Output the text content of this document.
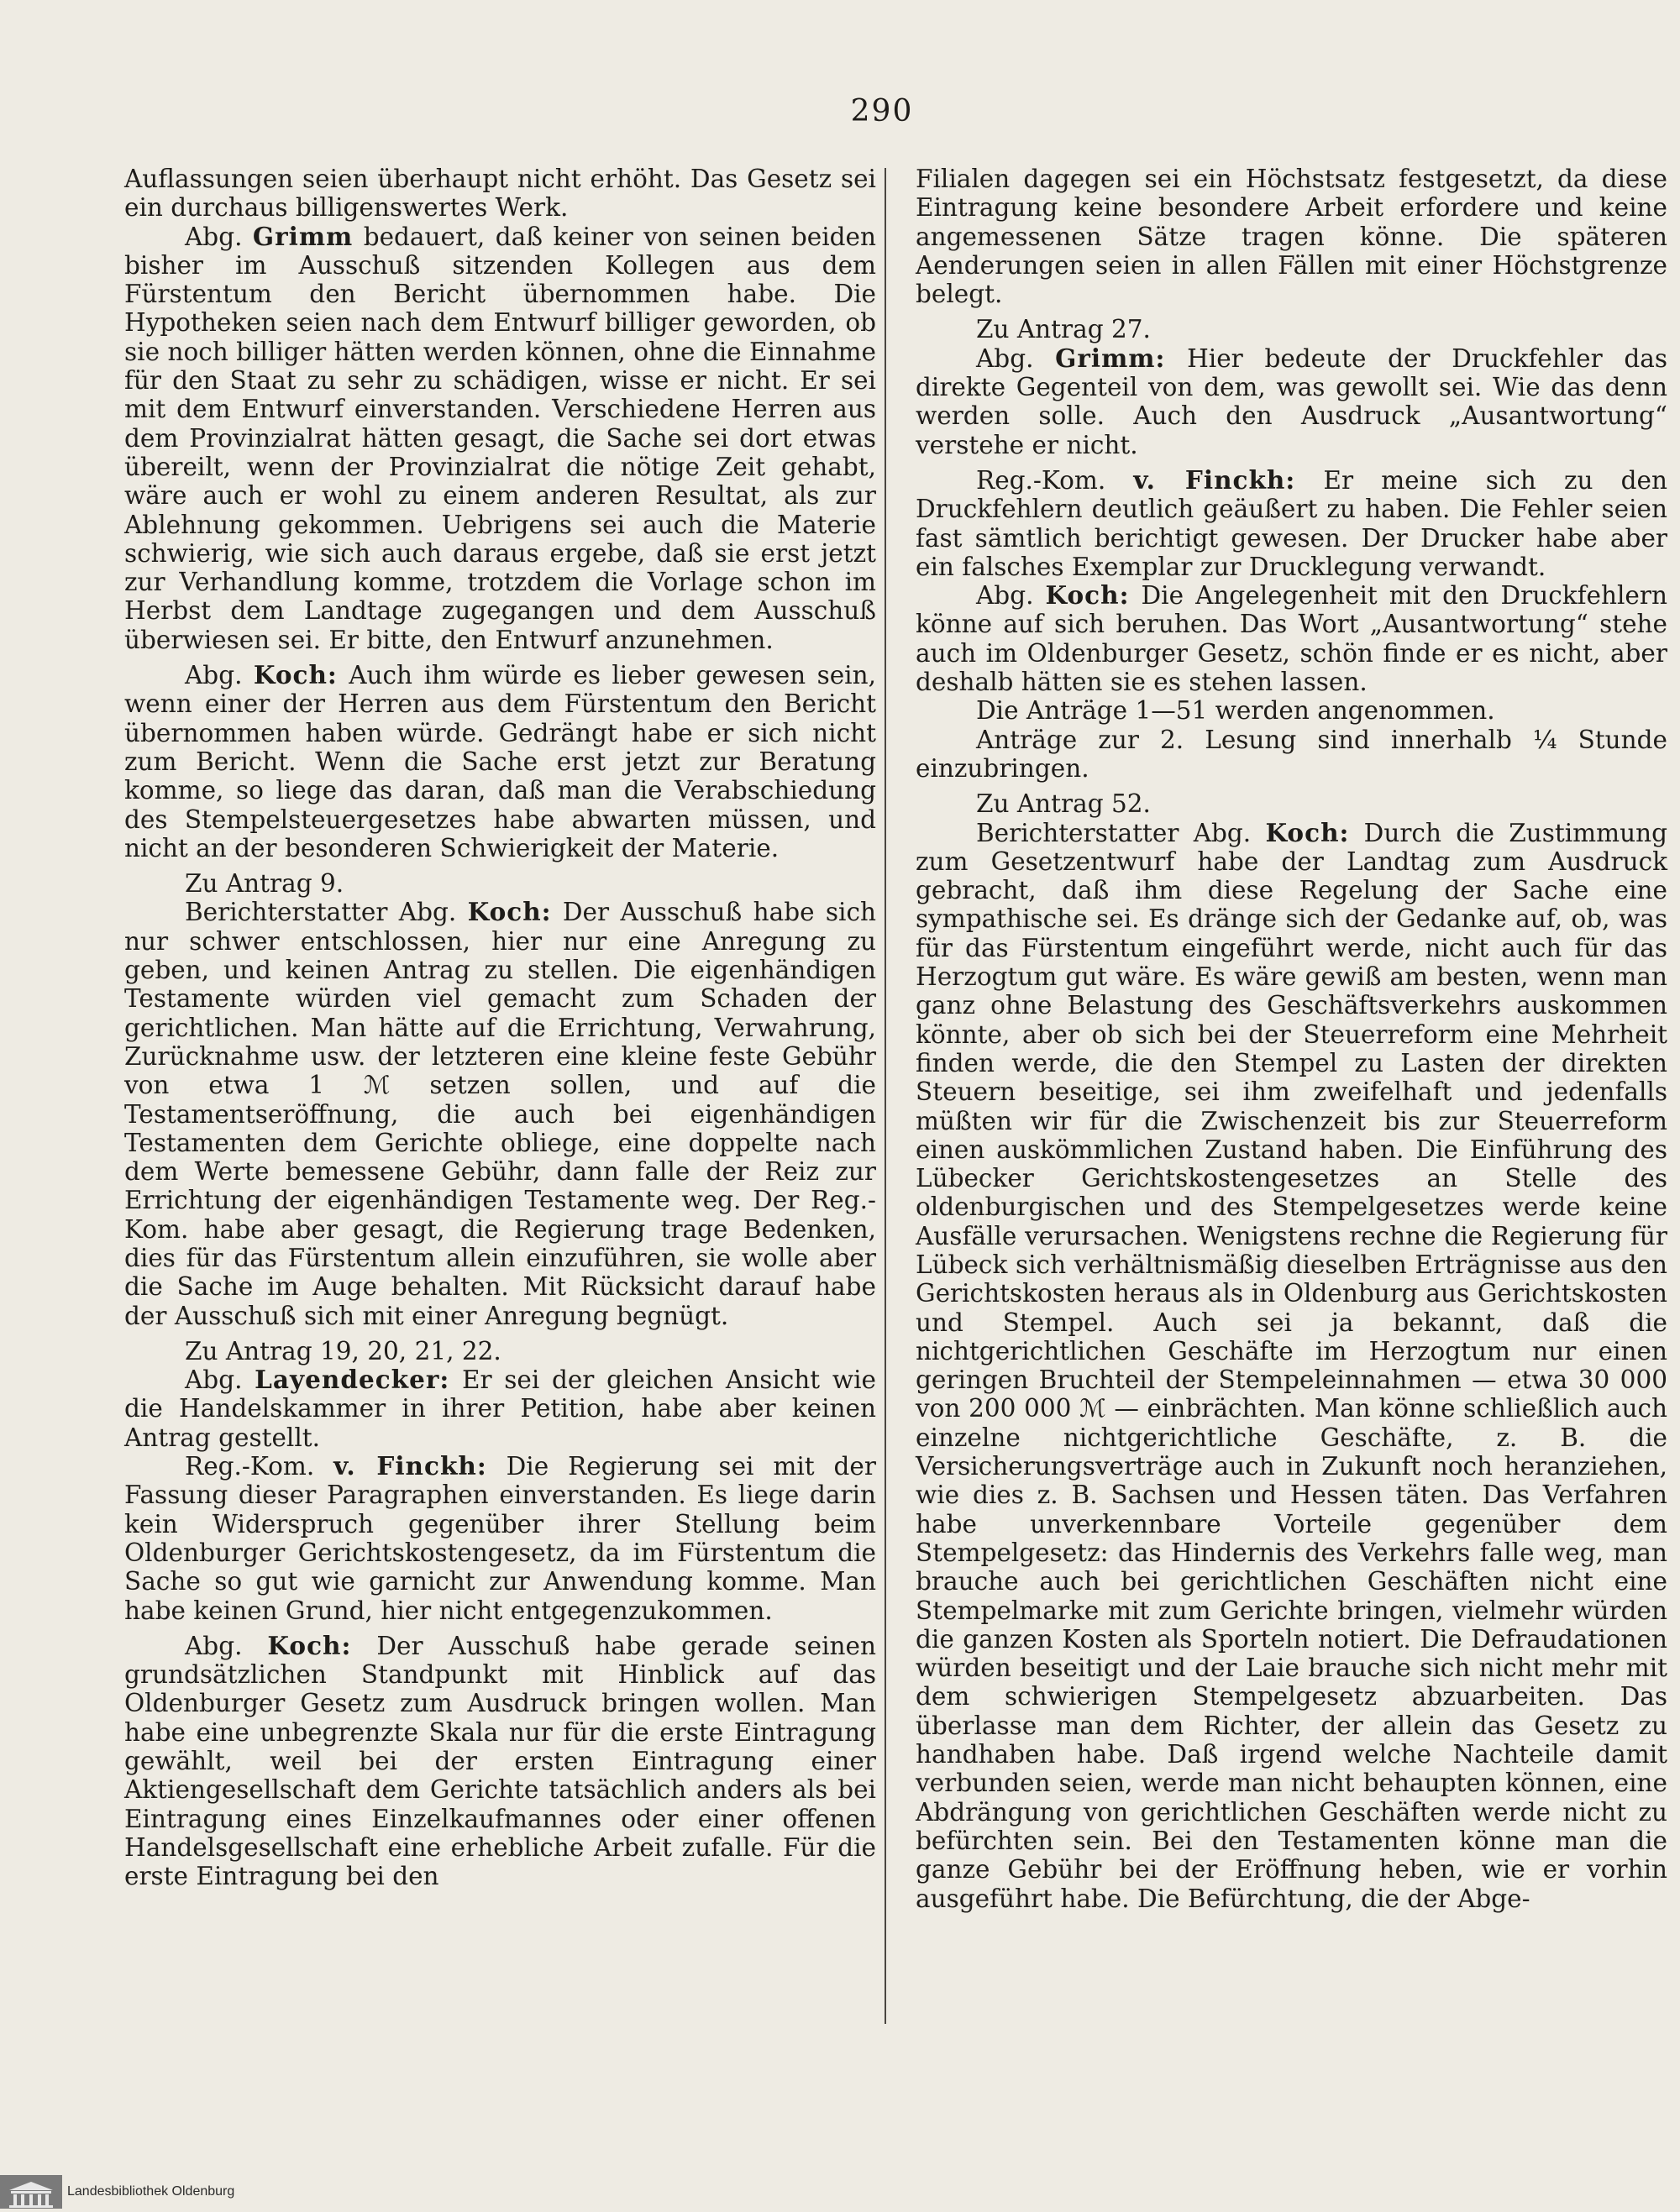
290

Auflassungen seien überhaupt nicht erhöht. Das Gesetz sei ein durchaus billigenswertes Werk.

Abg. Grimm bedauert, daß keiner von seinen beiden bisher im Ausschuß sitzenden Kollegen aus dem Fürstentum den Bericht übernommen habe. Die Hypotheken seien nach dem Entwurf billiger geworden, ob sie noch billiger hätten werden können, ohne die Einnahme für den Staat zu sehr zu schädigen, wisse er nicht. Er sei mit dem Entwurf einverstanden. Verschiedene Herren aus dem Provinzialrat hätten gesagt, die Sache sei dort etwas übereilt, wenn der Provinzialrat die nötige Zeit gehabt, wäre auch er wohl zu einem anderen Resultat, als zur Ablehnung gekommen. Uebrigens sei auch die Materie schwierig, wie sich auch daraus ergebe, daß sie erst jetzt zur Verhandlung komme, trotzdem die Vorlage schon im Herbst dem Landtage zugegangen und dem Ausschuß überwiesen sei. Er bitte, den Entwurf anzunehmen.

Abg. Koch: Auch ihm würde es lieber gewesen sein, wenn einer der Herren aus dem Fürstentum den Bericht übernommen haben würde. Gedrängt habe er sich nicht zum Bericht. Wenn die Sache erst jetzt zur Beratung komme, so liege das daran, daß man die Verabschiedung des Stempelsteuergesetzes habe abwarten müssen, und nicht an der besonderen Schwierigkeit der Materie.

Zu Antrag 9.

Berichterstatter Abg. Koch: Der Ausschuß habe sich nur schwer entschlossen, hier nur eine Anregung zu geben, und keinen Antrag zu stellen. Die eigenhändigen Testamente würden viel gemacht zum Schaden der gerichtlichen. Man hätte auf die Errichtung, Verwahrung, Zurücknahme usw. der letzteren eine kleine feste Gebühr von etwa 1 ℳ setzen sollen, und auf die Testamentseröffnung, die auch bei eigenhändigen Testamenten dem Gerichte obliege, eine doppelte nach dem Werte bemessene Gebühr, dann falle der Reiz zur Errichtung der eigenhändigen Testamente weg. Der Reg.-Kom. habe aber gesagt, die Regierung trage Bedenken, dies für das Fürstentum allein einzuführen, sie wolle aber die Sache im Auge behalten. Mit Rücksicht darauf habe der Ausschuß sich mit einer Anregung begnügt.

Zu Antrag 19, 20, 21, 22.

Abg. Layendecker: Er sei der gleichen Ansicht wie die Handelskammer in ihrer Petition, habe aber keinen Antrag gestellt.

Reg.-Kom. v. Finckh: Die Regierung sei mit der Fassung dieser Paragraphen einverstanden. Es liege darin kein Widerspruch gegenüber ihrer Stellung beim Oldenburger Gerichtskostengesetz, da im Fürstentum die Sache so gut wie garnicht zur Anwendung komme. Man habe keinen Grund, hier nicht entgegenzukommen.

Abg. Koch: Der Ausschuß habe gerade seinen grundsätzlichen Standpunkt mit Hinblick auf das Oldenburger Gesetz zum Ausdruck bringen wollen. Man habe eine unbegrenzte Skala nur für die erste Eintragung gewählt, weil bei der ersten Eintragung einer Aktiengesellschaft dem Gerichte tatsächlich anders als bei Eintragung eines Einzelkaufmannes oder einer offenen Handelsgesellschaft eine erhebliche Arbeit zufalle. Für die erste Eintragung bei den

Filialen dagegen sei ein Höchstsatz festgesetzt, da diese Eintragung keine besondere Arbeit erfordere und keine angemessenen Sätze tragen könne. Die späteren Aenderungen seien in allen Fällen mit einer Höchstgrenze belegt.

Zu Antrag 27.

Abg. Grimm: Hier bedeute der Druckfehler das direkte Gegenteil von dem, was gewollt sei. Wie das denn werden solle. Auch den Ausdruck „Ausantwortung“ verstehe er nicht.

Reg.-Kom. v. Finckh: Er meine sich zu den Druckfehlern deutlich geäußert zu haben. Die Fehler seien fast sämtlich berichtigt gewesen. Der Drucker habe aber ein falsches Exemplar zur Drucklegung verwandt.

Abg. Koch: Die Angelegenheit mit den Druckfehlern könne auf sich beruhen. Das Wort „Ausantwortung“ stehe auch im Oldenburger Gesetz, schön finde er es nicht, aber deshalb hätten sie es stehen lassen.

Die Anträge 1—51 werden angenommen.

Anträge zur 2. Lesung sind innerhalb ¼ Stunde einzubringen.

Zu Antrag 52.

Berichterstatter Abg. Koch: Durch die Zustimmung zum Gesetzentwurf habe der Landtag zum Ausdruck gebracht, daß ihm diese Regelung der Sache eine sympathische sei. Es dränge sich der Gedanke auf, ob, was für das Fürstentum eingeführt werde, nicht auch für das Herzogtum gut wäre. Es wäre gewiß am besten, wenn man ganz ohne Belastung des Geschäftsverkehrs auskommen könnte, aber ob sich bei der Steuerreform eine Mehrheit finden werde, die den Stempel zu Lasten der direkten Steuern beseitige, sei ihm zweifelhaft und jedenfalls müßten wir für die Zwischenzeit bis zur Steuerreform einen auskömmlichen Zustand haben. Die Einführung des Lübecker Gerichtskostengesetzes an Stelle des oldenburgischen und des Stempelgesetzes werde keine Ausfälle verursachen. Wenigstens rechne die Regierung für Lübeck sich verhältnismäßig dieselben Erträgnisse aus den Gerichtskosten heraus als in Oldenburg aus Gerichtskosten und Stempel. Auch sei ja bekannt, daß die nichtgerichtlichen Geschäfte im Herzogtum nur einen geringen Bruchteil der Stempeleinnahmen — etwa 30 000 von 200 000 ℳ — einbrächten. Man könne schließlich auch einzelne nichtgerichtliche Geschäfte, z. B. die Versicherungsverträge auch in Zukunft noch heranziehen, wie dies z. B. Sachsen und Hessen täten. Das Verfahren habe unverkennbare Vorteile gegenüber dem Stempelgesetz: das Hindernis des Verkehrs falle weg, man brauche auch bei gerichtlichen Geschäften nicht eine Stempelmarke mit zum Gerichte bringen, vielmehr würden die ganzen Kosten als Sporteln notiert. Die Defraudationen würden beseitigt und der Laie brauche sich nicht mehr mit dem schwierigen Stempelgesetz abzuarbeiten. Das überlasse man dem Richter, der allein das Gesetz zu handhaben habe. Daß irgend welche Nachteile damit verbunden seien, werde man nicht behaupten können, eine Abdrängung von gerichtlichen Geschäften werde nicht zu befürchten sein. Bei den Testamenten könne man die ganze Gebühr bei der Eröffnung heben, wie er vorhin ausgeführt habe. Die Befürchtung, die der Abge-

Landesbibliothek Oldenburg
